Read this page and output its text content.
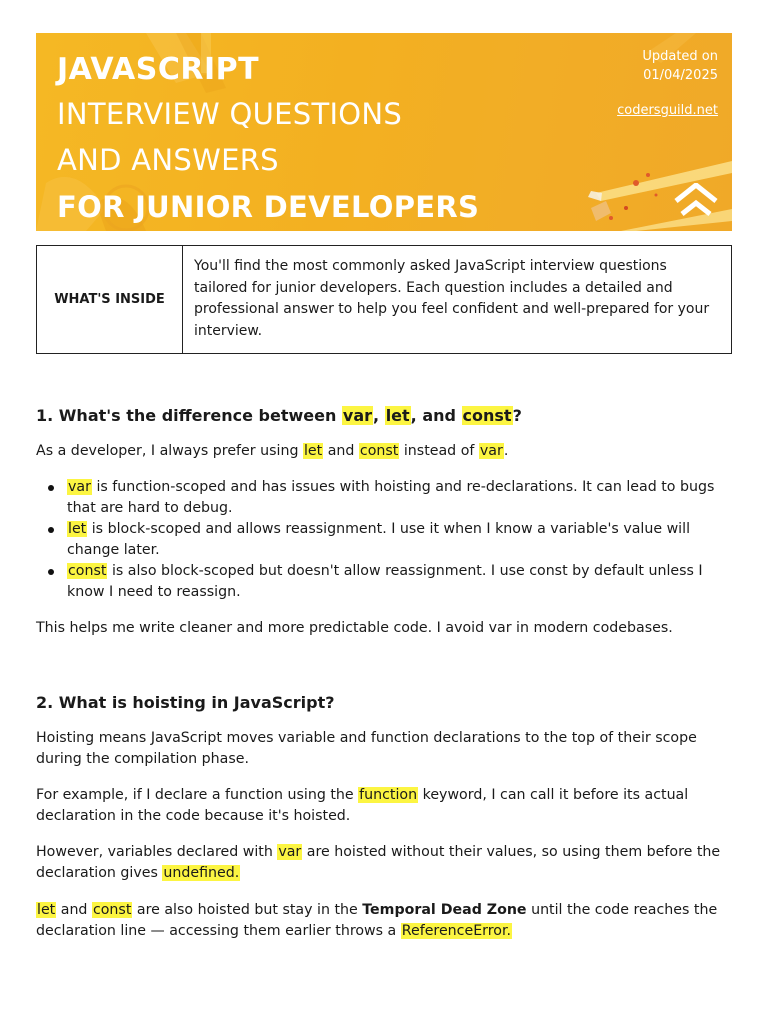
JAVASCRIPT
INTERVIEW QUESTIONS
AND ANSWERS
FOR JUNIOR DEVELOPERS
Updated on
01/04/2025
codersguild.net
WHAT'S INSIDE
You'll find the most commonly asked JavaScript interview questions tailored for junior developers. Each question includes a detailed and professional answer to help you feel confident and well-prepared for your interview.
1. What's the difference between var, let, and const?

As a developer, I always prefer using let and const instead of var.

var is function-scoped and has issues with hoisting and re-declarations. It can lead to bugs that are hard to debug.
let is block-scoped and allows reassignment. I use it when I know a variable's value will change later.
const is also block-scoped but doesn't allow reassignment. I use const by default unless I know I need to reassign.

This helps me write cleaner and more predictable code. I avoid var in modern codebases.

2. What is hoisting in JavaScript?

Hoisting means JavaScript moves variable and function declarations to the top of their scope during the compilation phase.

For example, if I declare a function using the function keyword, I can call it before its actual declaration in the code because it's hoisted.

However, variables declared with var are hoisted without their values, so using them before the declaration gives undefined.

let and const are also hoisted but stay in the Temporal Dead Zone until the code reaches the declaration line — accessing them earlier throws a ReferenceError.
